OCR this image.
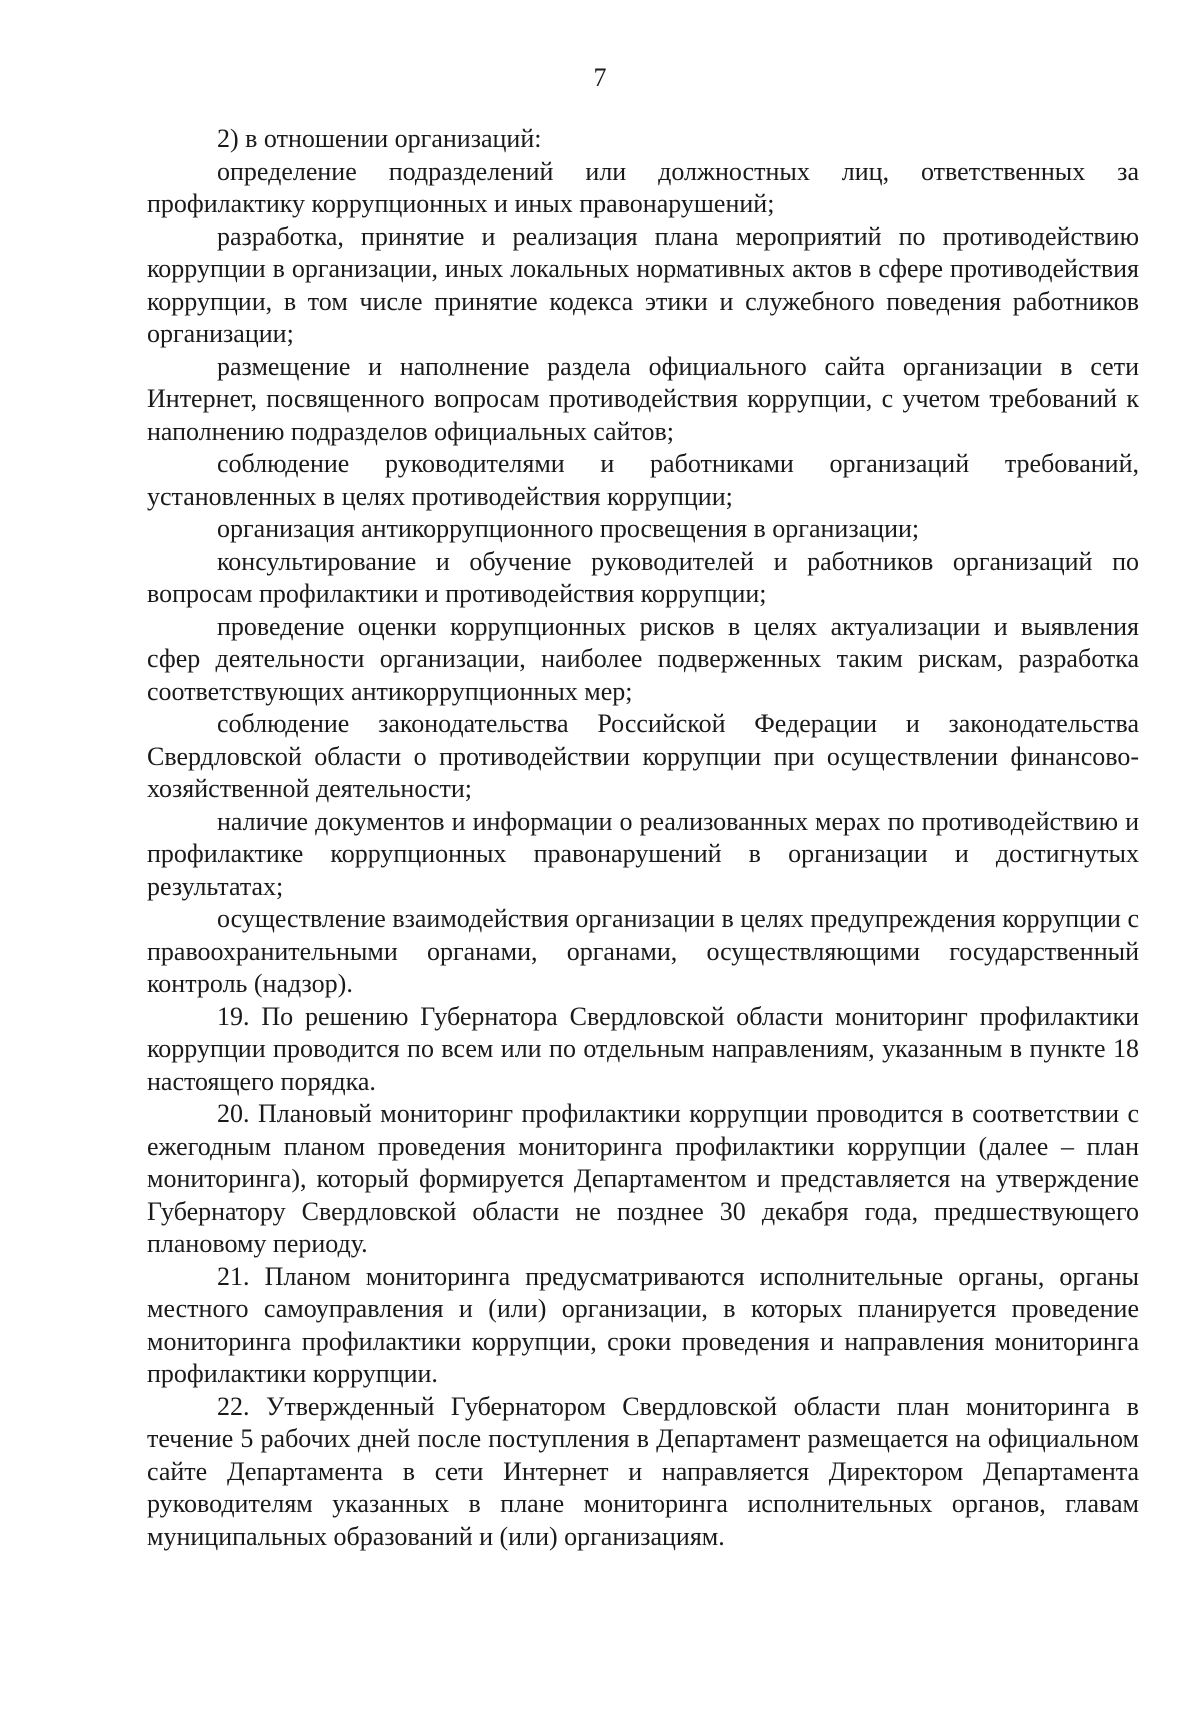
7

2) в отношении организаций:

определение подразделений или должностных лиц, ответственных за профилактику коррупционных и иных правонарушений;

разработка, принятие и реализация плана мероприятий по противодействию коррупции в организации, иных локальных нормативных актов в сфере противодействия коррупции, в том числе принятие кодекса этики и служебного поведения работников организации;

размещение и наполнение раздела официального сайта организации в сети Интернет, посвященного вопросам противодействия коррупции, с учетом требований к наполнению подразделов официальных сайтов;

соблюдение руководителями и работниками организаций требований, установленных в целях противодействия коррупции;

организация антикоррупционного просвещения в организации;

консультирование и обучение руководителей и работников организаций по вопросам профилактики и противодействия коррупции;

проведение оценки коррупционных рисков в целях актуализации и выявления сфер деятельности организации, наиболее подверженных таким рискам, разработка соответствующих антикоррупционных мер;

соблюдение законодательства Российской Федерации и законодательства Свердловской области о противодействии коррупции при осуществлении финансово-хозяйственной деятельности;

наличие документов и информации о реализованных мерах по противодействию и профилактике коррупционных правонарушений в организации и достигнутых результатах;

осуществление взаимодействия организации в целях предупреждения коррупции с правоохранительными органами, органами, осуществляющими государственный контроль (надзор).

19. По решению Губернатора Свердловской области мониторинг профилактики коррупции проводится по всем или по отдельным направлениям, указанным в пункте 18 настоящего порядка.

20. Плановый мониторинг профилактики коррупции проводится в соответствии с ежегодным планом проведения мониторинга профилактики коррупции (далее – план мониторинга), который формируется Департаментом и представляется на утверждение Губернатору Свердловской области не позднее 30 декабря года, предшествующего плановому периоду.

21. Планом мониторинга предусматриваются исполнительные органы, органы местного самоуправления и (или) организации, в которых планируется проведение мониторинга профилактики коррупции, сроки проведения и направления мониторинга профилактики коррупции.

22. Утвержденный Губернатором Свердловской области план мониторинга в течение 5 рабочих дней после поступления в Департамент размещается на официальном сайте Департамента в сети Интернет и направляется Директором Департамента руководителям указанных в плане мониторинга исполнительных органов, главам муниципальных образований и (или) организациям.
